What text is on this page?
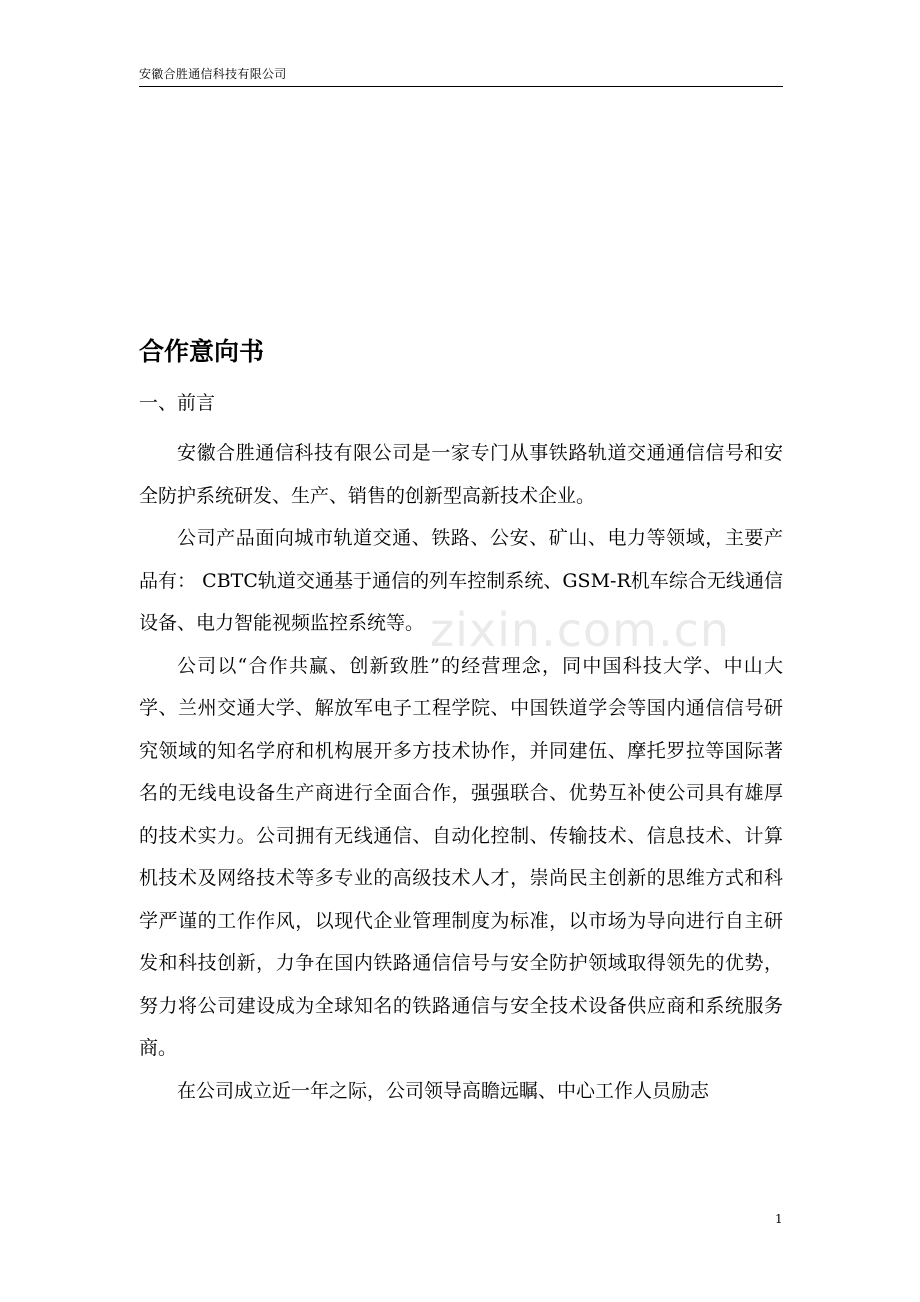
安徽合胜通信科技有限公司
合作意向书
一、前言

安徽合胜通信科技有限公司是一家专门从事铁路轨道交通通信信号和安全防护系统研发、生产、销售的创新型高新技术企业。

公司产品面向城市轨道交通、铁路、公安、矿山、电力等领域，主要产品有： CBTC轨道交通基于通信的列车控制系统、GSM-R机车综合无线通信设备、电力智能视频监控系统等。

公司以“合作共赢、创新致胜”的经营理念，同中国科技大学、中山大学、兰州交通大学、解放军电子工程学院、中国铁道学会等国内通信信号研究领域的知名学府和机构展开多方技术协作，并同建伍、摩托罗拉等国际著名的无线电设备生产商进行全面合作，强强联合、优势互补使公司具有雄厚的技术实力。公司拥有无线通信、自动化控制、传输技术、信息技术、计算机技术及网络技术等多专业的高级技术人才，崇尚民主创新的思维方式和科学严谨的工作作风，以现代企业管理制度为标准，以市场为导向进行自主研发和科技创新，力争在国内铁路通信信号与安全防护领域取得领先的优势，努力将公司建设成为全球知名的铁路通信与安全技术设备供应商和系统服务商。

在公司成立近一年之际，公司领导高瞻远瞩、中心工作人员励志

zixin.com.cn
1
